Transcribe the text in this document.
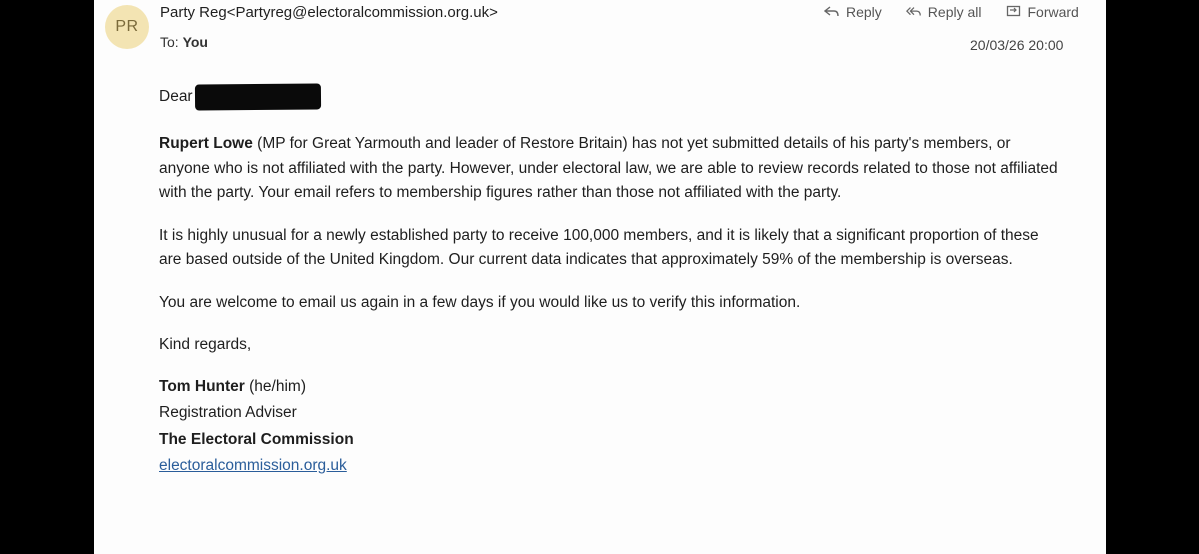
PR
Party Reg<Partyreg@electoralcommission.org.uk>
To: You
Reply	Reply all	Forward
20/03/26 20:00

Dear

Rupert Lowe (MP for Great Yarmouth and leader of Restore Britain) has not yet submitted details of his party's members, or anyone who is not affiliated with the party. However, under electoral law, we are able to review records related to those not affiliated with the party. Your email refers to membership figures rather than those not affiliated with the party.

It is highly unusual for a newly established party to receive 100,000 members, and it is likely that a significant proportion of these are based outside of the United Kingdom. Our current data indicates that approximately 59% of the membership is overseas.

You are welcome to email us again in a few days if you would like us to verify this information.

Kind regards,

Tom Hunter (he/him)
Registration Adviser
The Electoral Commission
electoralcommission.org.uk
